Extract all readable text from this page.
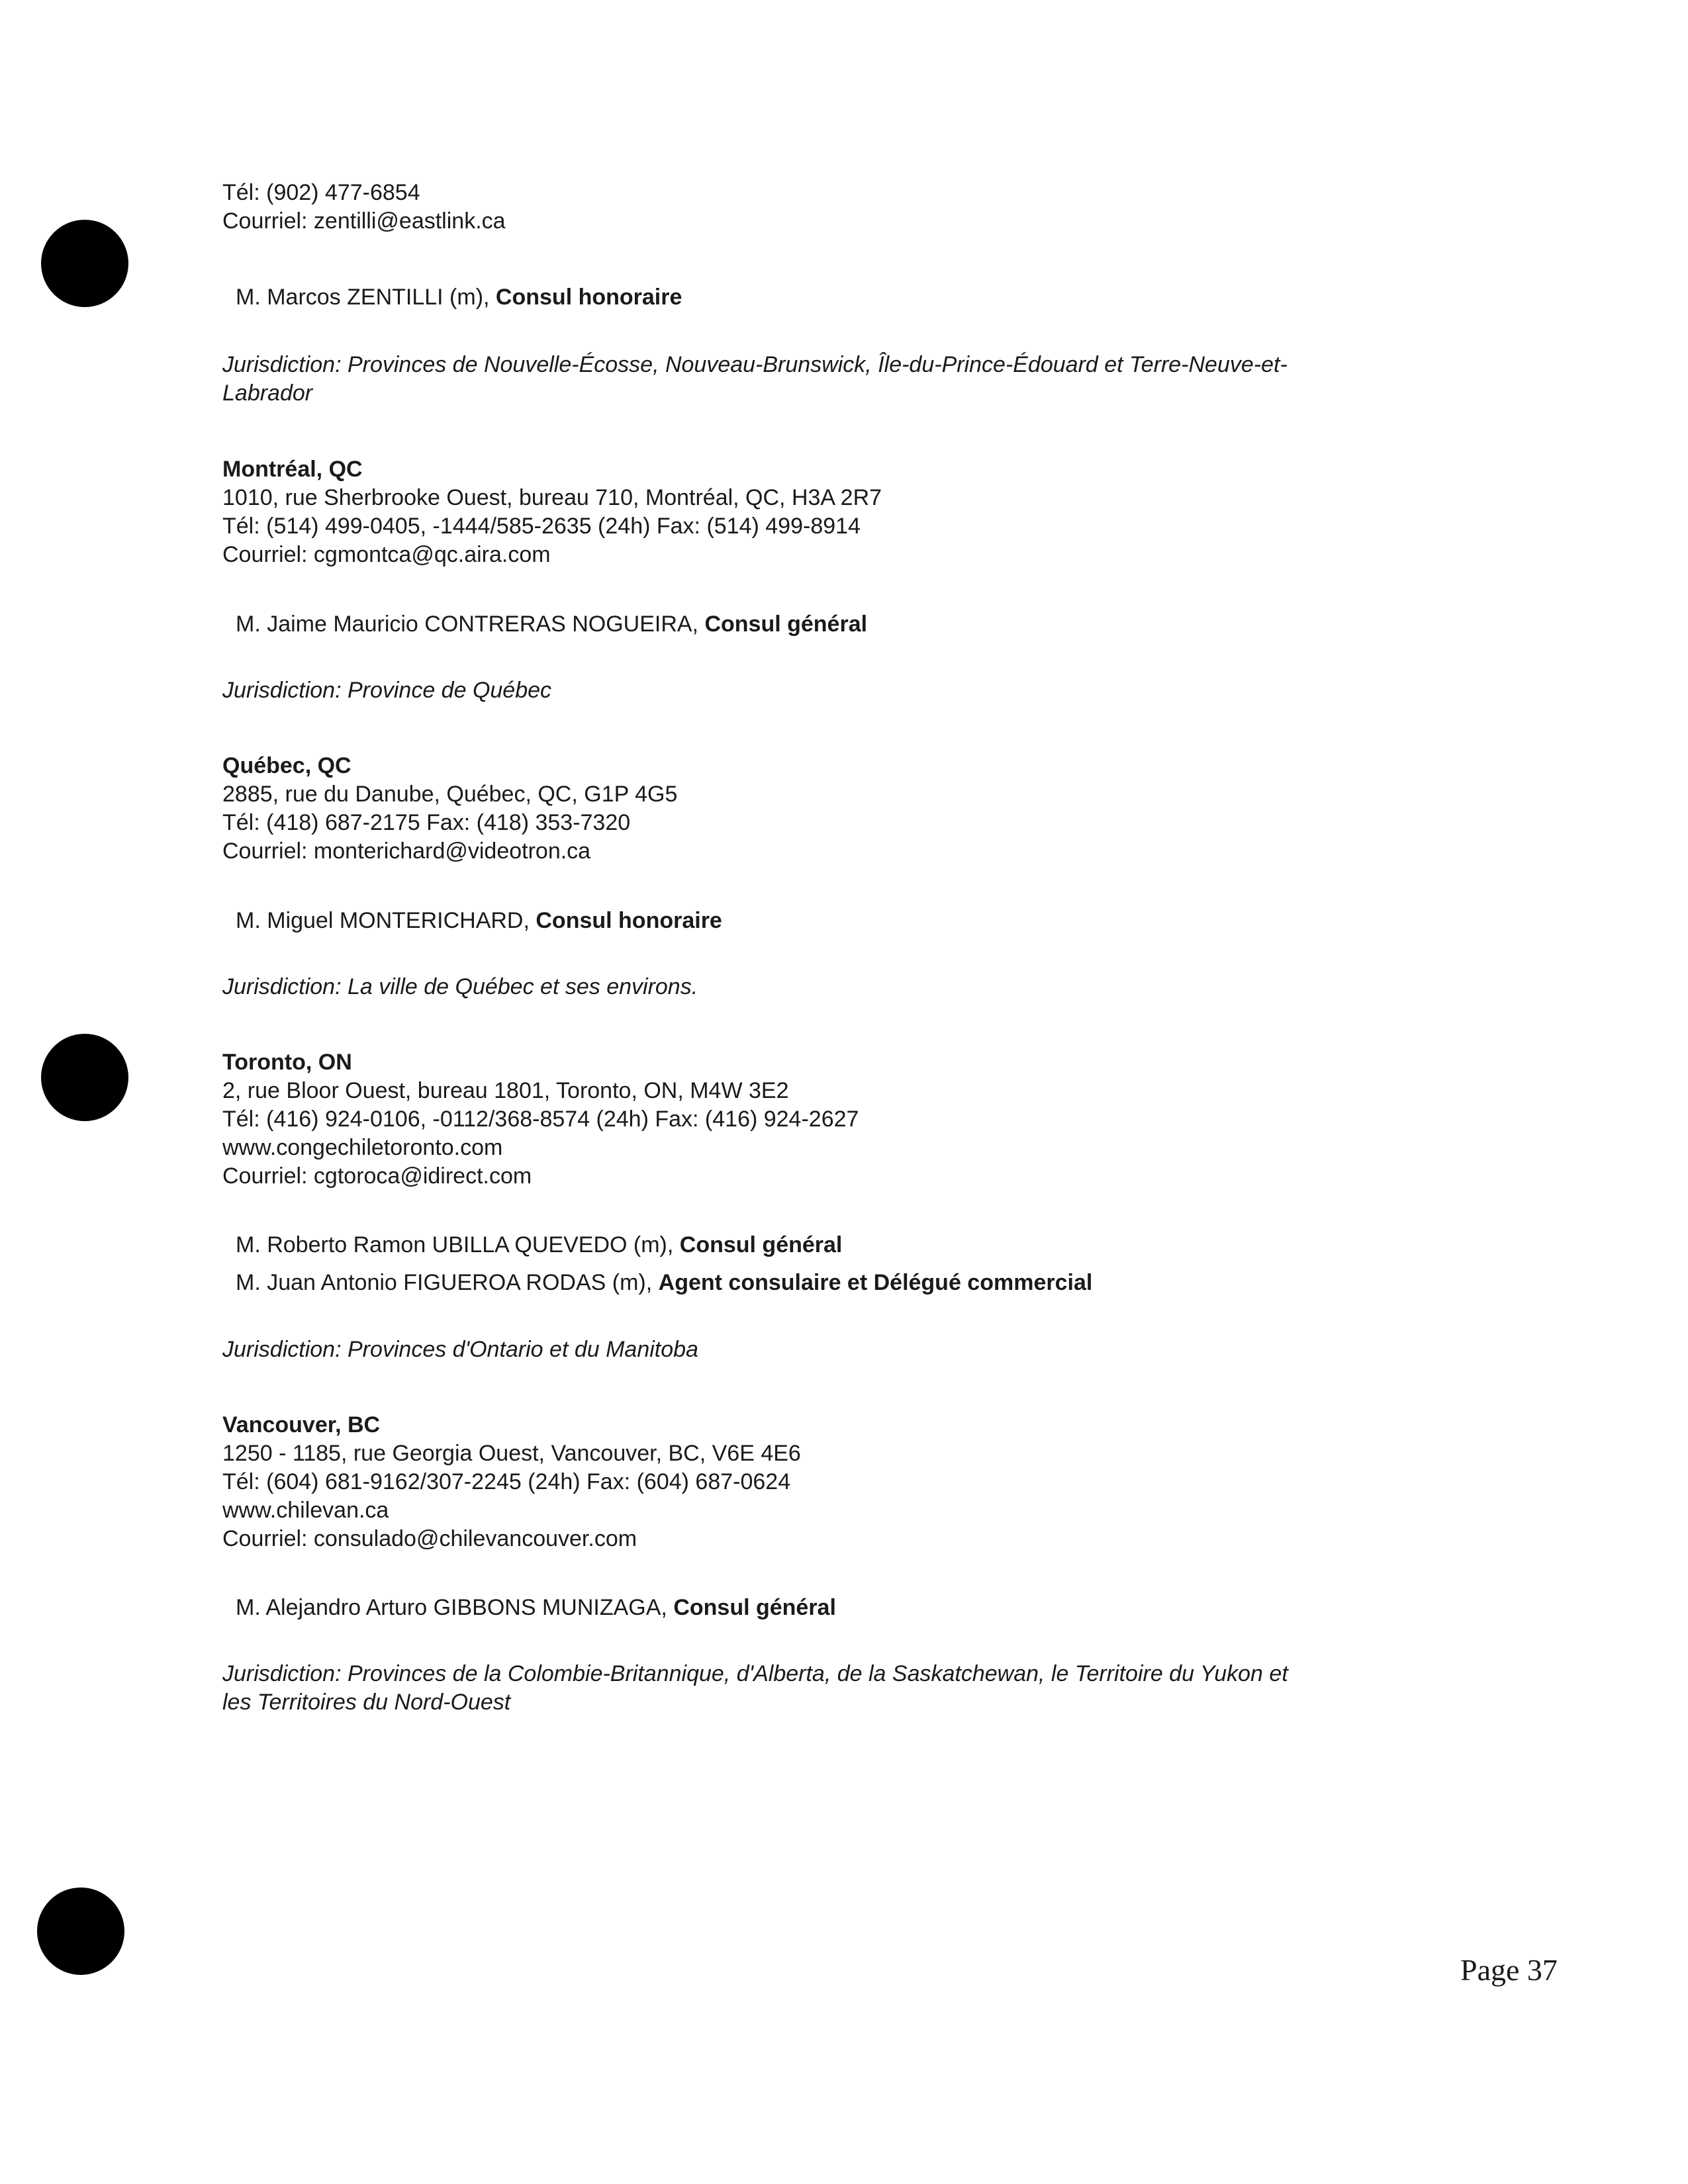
Tél: (902) 477-6854
Courriel: zentilli@eastlink.ca
M. Marcos ZENTILLI (m), Consul honoraire
Jurisdiction: Provinces de Nouvelle-Écosse, Nouveau-Brunswick, Île-du-Prince-Édouard et Terre-Neuve-et-
Labrador
Montréal, QC
1010, rue Sherbrooke Ouest, bureau 710, Montréal, QC, H3A 2R7
Tél: (514) 499-0405, -1444/585-2635 (24h) Fax: (514) 499-8914
Courriel: cgmontca@qc.aira.com
M. Jaime Mauricio CONTRERAS NOGUEIRA, Consul général
Jurisdiction: Province de Québec
Québec, QC
2885, rue du Danube, Québec, QC, G1P 4G5
Tél: (418) 687-2175 Fax: (418) 353-7320
Courriel: monterichard@videotron.ca
M. Miguel MONTERICHARD, Consul honoraire
Jurisdiction: La ville de Québec et ses environs.
Toronto, ON
2, rue Bloor Ouest, bureau 1801, Toronto, ON, M4W 3E2
Tél: (416) 924-0106, -0112/368-8574 (24h) Fax: (416) 924-2627
www.congechiletoronto.com
Courriel: cgtoroca@idirect.com
M. Roberto Ramon UBILLA QUEVEDO (m), Consul général
M. Juan Antonio FIGUEROA RODAS (m), Agent consulaire et Délégué commercial
Jurisdiction: Provinces d'Ontario et du Manitoba
Vancouver, BC
1250 - 1185, rue Georgia Ouest, Vancouver, BC, V6E 4E6
Tél: (604) 681-9162/307-2245 (24h) Fax: (604) 687-0624
www.chilevan.ca
Courriel: consulado@chilevancouver.com
M. Alejandro Arturo GIBBONS MUNIZAGA, Consul général
Jurisdiction: Provinces de la Colombie-Britannique, d'Alberta, de la Saskatchewan, le Territoire du Yukon et
les Territoires du Nord-Ouest
Page 37
